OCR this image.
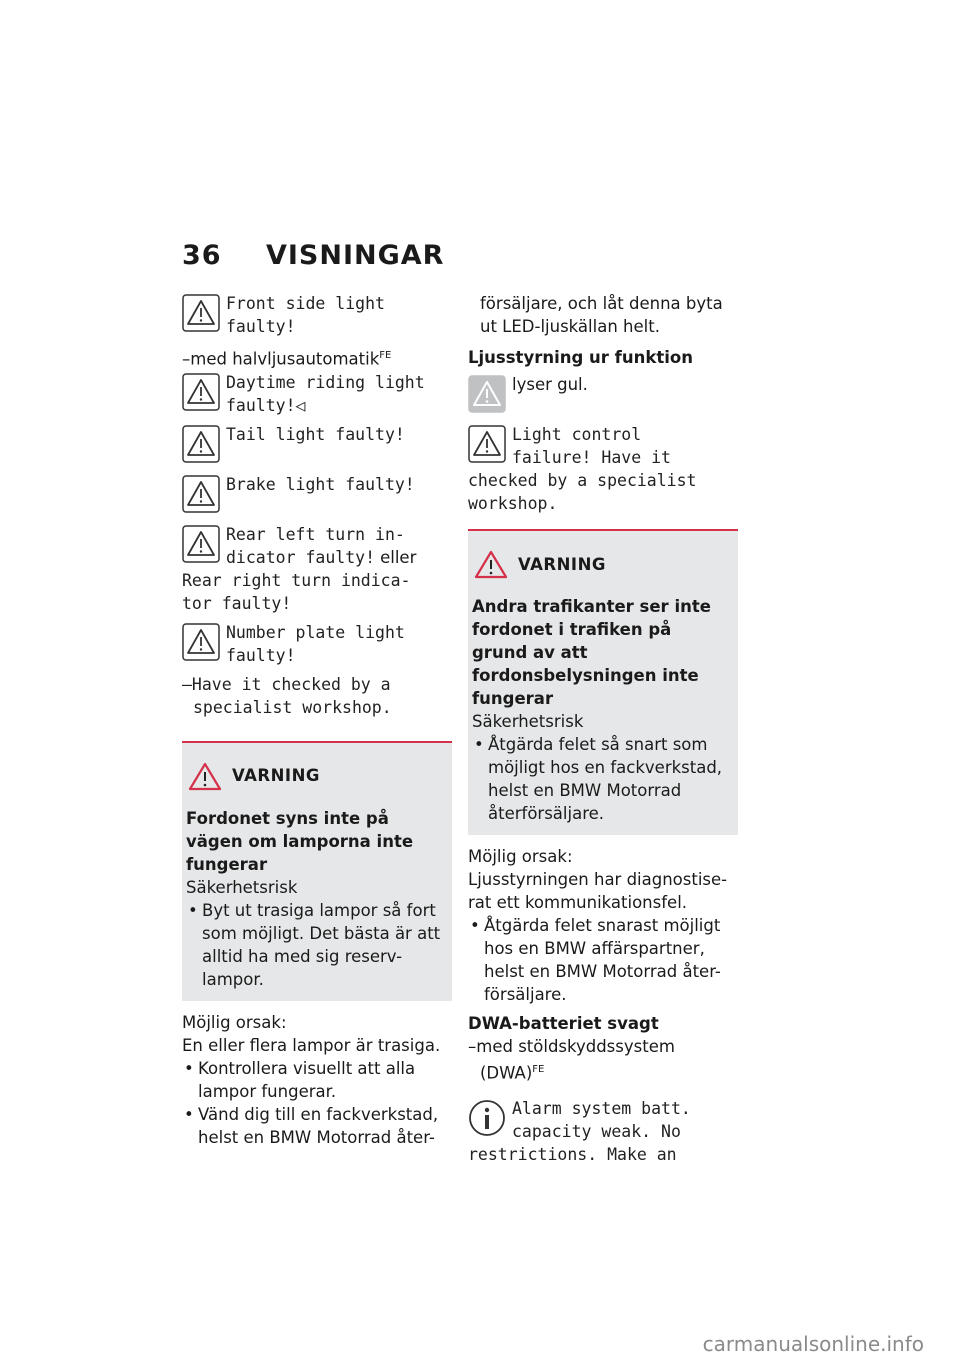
36 VISNINGAR
Front side light
faulty!
–med halvljusautomatik$^{FE}$
Daytime riding light
faulty!◁
Tail light faulty!
Brake light faulty!
Rear left turn in-
dicator faulty! eller
Rear right turn indica-
tor faulty!
Number plate light
faulty!
–Have it checked by a
specialist workshop.
VARNING
Fordonet syns inte på vägen om lamporna inte fungerar
Säkerhetsrisk
• Byt ut trasiga lampor så fort som möjligt. Det bästa är att alltid ha med sig reserv-lampor.
Möjlig orsak:
En eller flera lampor är trasiga.
• Kontrollera visuellt att alla lampor fungerar.
• Vänd dig till en fackverkstad, helst en BMW Motorrad åter-
försäljare, och låt denna byta ut LED-ljuskällan helt.
Ljusstyrning ur funktion
lyser gul.
Light control
failure! Have it
checked by a specialist
workshop.
VARNING
Andra trafikanter ser inte fordonet i trafiken på grund av att fordonsbelysningen inte fungerar
Säkerhetsrisk
• Åtgärda felet så snart som möjligt hos en fackverkstad, helst en BMW Motorrad återförsäljare.
Möjlig orsak:
Ljusstyrningen har diagnostise-rat ett kommunikationsfel.
• Åtgärda felet snarast möjligt hos en BMW affärspartner, helst en BMW Motorrad åter-försäljare.
DWA-batteriet svagt
–med stöldskyddssystem (DWA)$^{FE}$
Alarm system batt.
capacity weak. No
restrictions. Make an
carmanualsonline.info
